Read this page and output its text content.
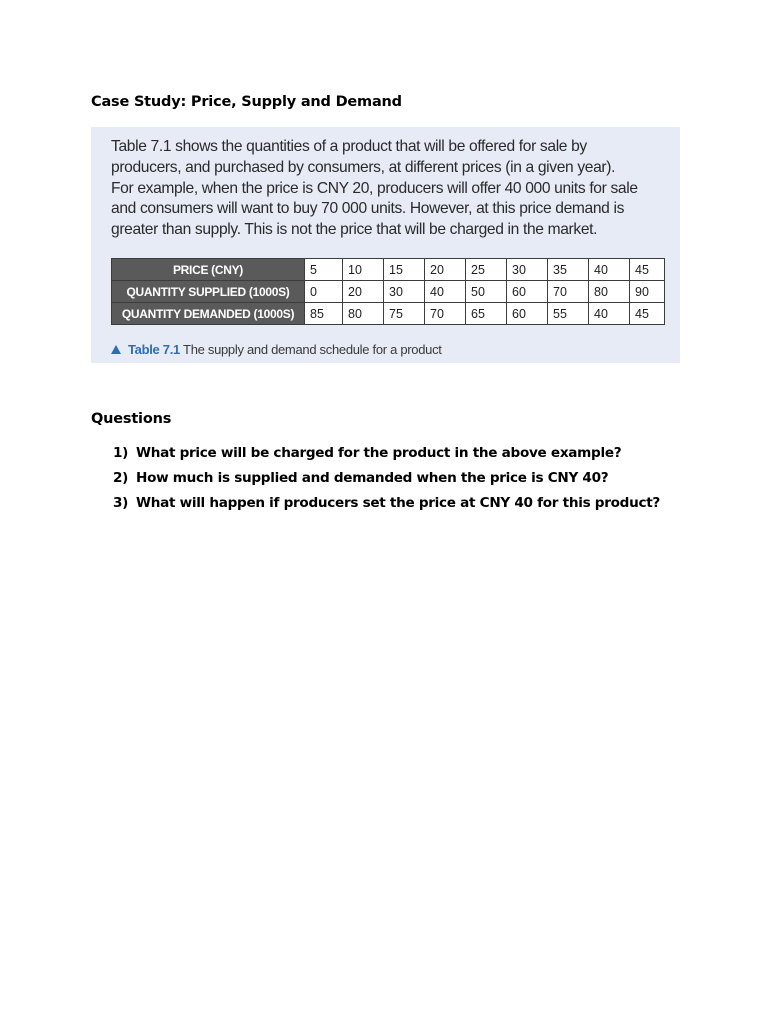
Case Study: Price, Supply and Demand
Table 7.1 shows the quantities of a product that will be offered for sale by
producers, and purchased by consumers, at different prices (in a given year).
For example, when the price is CNY 20, producers will offer 40 000 units for sale
and consumers will want to buy 70 000 units. However, at this price demand is
greater than supply. This is not the price that will be charged in the market.
PRICE (CNY)	5	10	15	20	25	30	35	40	45
QUANTITY SUPPLIED (1000S)	0	20	30	40	50	60	70	80	90
QUANTITY DEMANDED (1000S)	85	80	75	70	65	60	55	40	45
Table 7.1 The supply and demand schedule for a product
Questions
1) What price will be charged for the product in the above example?
2) How much is supplied and demanded when the price is CNY 40?
3) What will happen if producers set the price at CNY 40 for this product?
